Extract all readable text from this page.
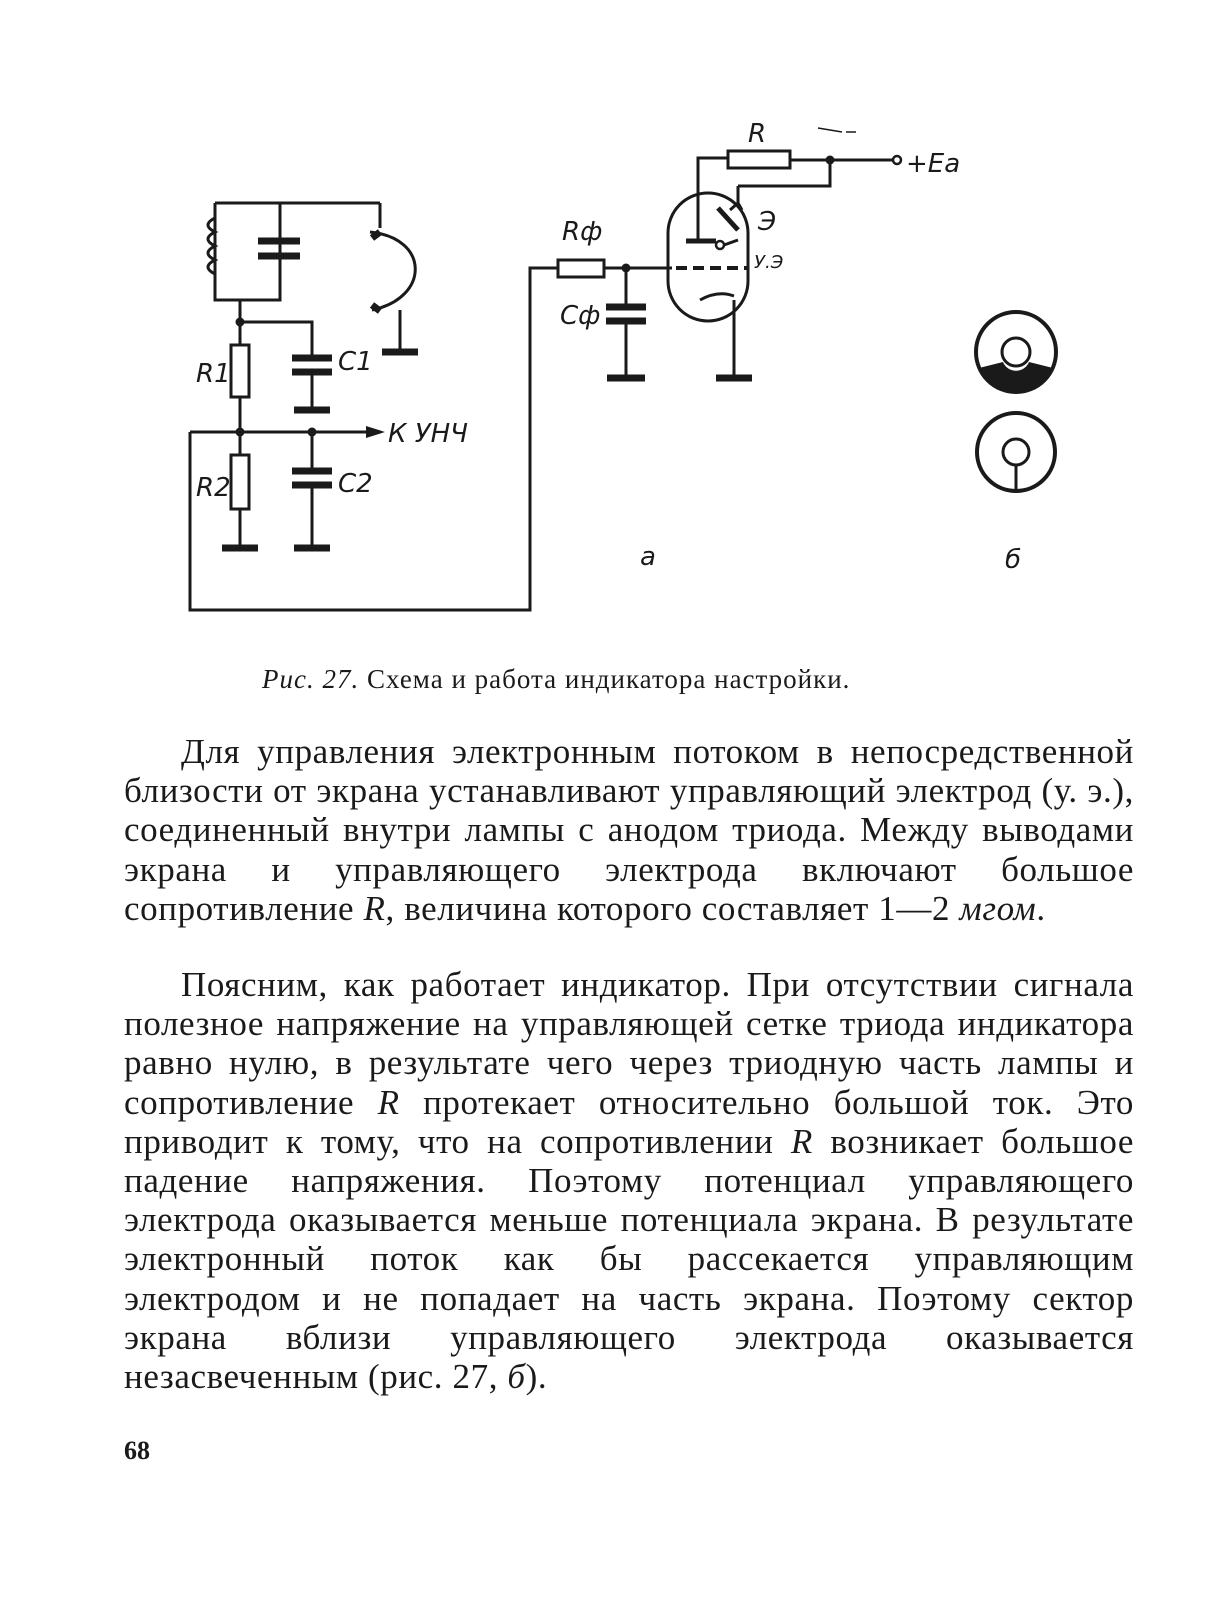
R
+Eа
Rф
Cф
Э
У.Э
R1
R2
C1
C2
К УНЧ
а	б
Рис. 27. Схема и работа индикатора настройки.

Для управления электронным потоком в непосредственной близости от экрана устанавливают управляющий электрод (у. э.), соединенный внутри лампы с анодом триода. Между выводами экрана и управляющего электрода включают большое сопротивление R, величина которого составляет 1—2 мгом.

Поясним, как работает индикатор. При отсутствии сигнала полезное напряжение на управляющей сетке триода индикатора равно нулю, в результате чего через триодную часть лампы и сопротивление R протекает относительно большой ток. Это приводит к тому, что на сопротивлении R возникает большое падение напряжения. Поэтому потенциал управляющего электрода оказывается меньше потенциала экрана. В результате электронный поток как бы рассекается управляющим электродом и не попадает на часть экрана. Поэтому сектор экрана вблизи управляющего электрода оказывается незасвеченным (рис. 27, б).

68
